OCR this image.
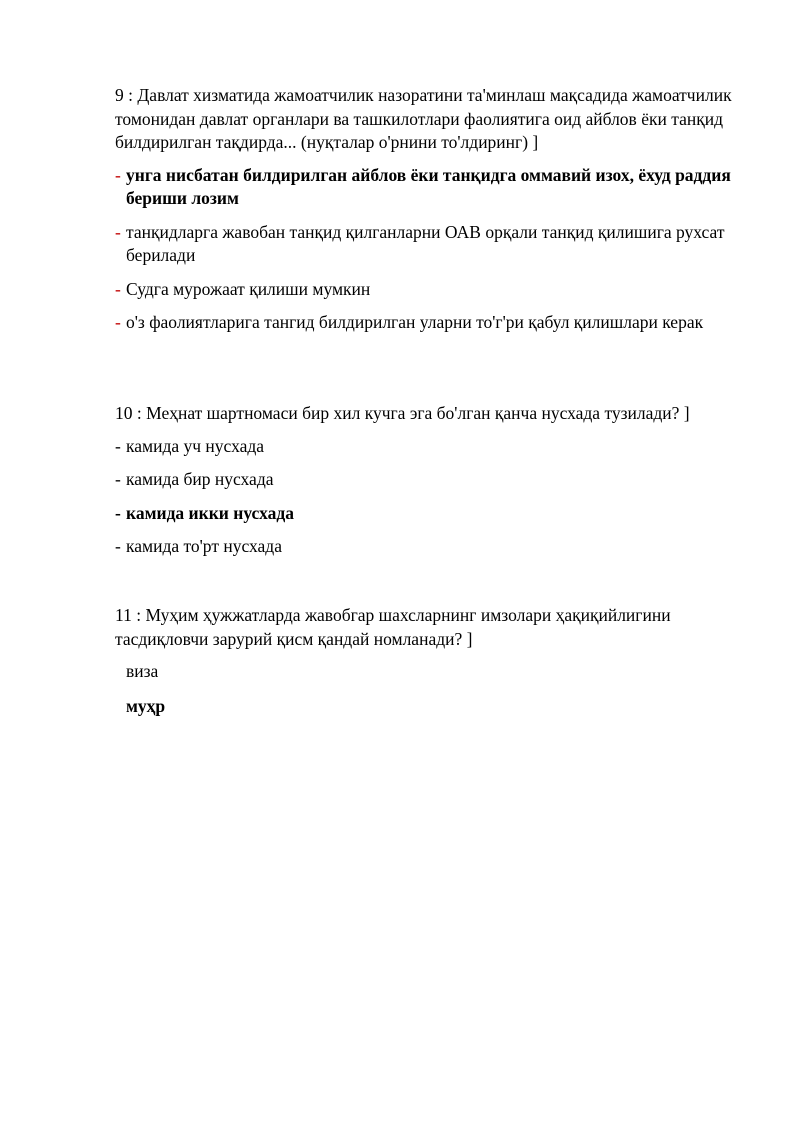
9 : Давлат хизматида жамоатчилик назоратини та'минлаш мақсадида жамоатчилик томонидан давлат органлари ва ташкилотлари фаолиятига оид айблов ёки танқид билдирилган тақдирда... (нуқталар о'рнини то'лдиринг) ]
- унга нисбатан билдирилган айблов ёки танқидга оммавий изох, ёхуд раддия бериши лозим
- танқидларга жавобан танқид қилганларни ОАВ орқали танқид қилишига рухсат берилади
- Судга мурожаат қилиши мумкин
- о'з фаолиятларига тангид билдирилган уларни то'г'ри қабул қилишлари керак
10 : Меҳнат шартномаси бир хил кучга эга бо'лган қанча нусхада тузилади? ]
- камида уч нусхада
- камида бир нусхада
- камида икки нусхада
- камида то'рт нусхада
11 : Муҳим ҳужжатларда жавобгар шахсларнинг имзолари ҳақиқийлигини тасдиқловчи зарурий қисм қандай номланади? ]
виза
муҳр
